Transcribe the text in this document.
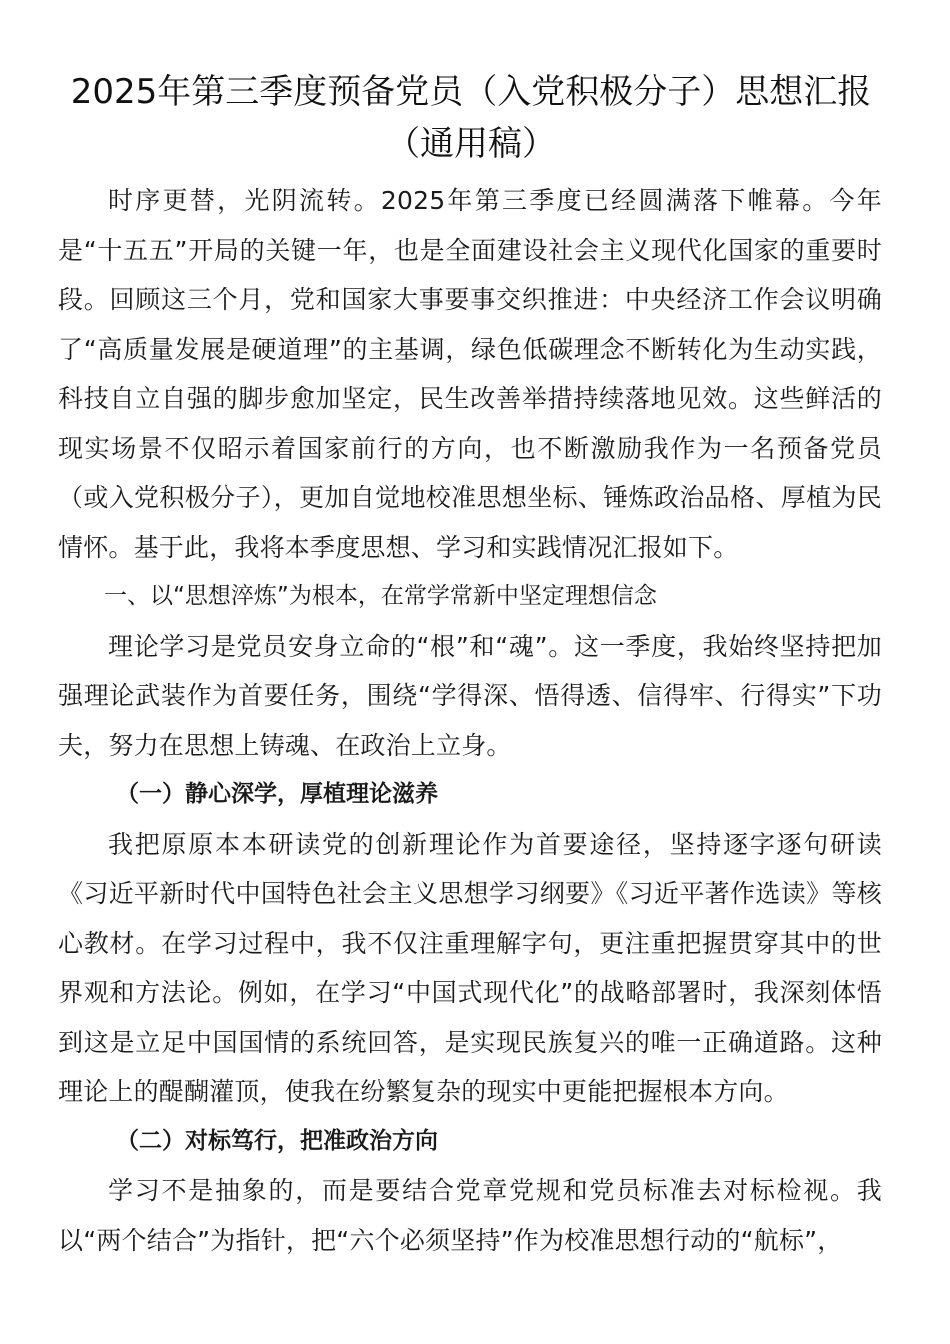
2025年第三季度预备党员（入党积极分子）思想汇报（通用稿）

时序更替，光阴流转。2025年第三季度已经圆满落下帷幕。今年是“十五五”开局的关键一年，也是全面建设社会主义现代化国家的重要时段。回顾这三个月，党和国家大事要事交织推进：中央经济工作会议明确了“高质量发展是硬道理”的主基调，绿色低碳理念不断转化为生动实践，科技自立自强的脚步愈加坚定，民生改善举措持续落地见效。这些鲜活的现实场景不仅昭示着国家前行的方向，也不断激励我作为一名预备党员（或入党积极分子），更加自觉地校准思想坐标、锤炼政治品格、厚植为民情怀。基于此，我将本季度思想、学习和实践情况汇报如下。

一、以“思想淬炼”为根本，在常学常新中坚定理想信念

理论学习是党员安身立命的“根”和“魂”。这一季度，我始终坚持把加强理论武装作为首要任务，围绕“学得深、悟得透、信得牢、行得实”下功夫，努力在思想上铸魂、在政治上立身。

（一）静心深学，厚植理论滋养

我把原原本本研读党的创新理论作为首要途径，坚持逐字逐句研读《习近平新时代中国特色社会主义思想学习纲要》《习近平著作选读》等核心教材。在学习过程中，我不仅注重理解字句，更注重把握贯穿其中的世界观和方法论。例如，在学习“中国式现代化”的战略部署时，我深刻体悟到这是立足中国国情的系统回答，是实现民族复兴的唯一正确道路。这种理论上的醍醐灌顶，使我在纷繁复杂的现实中更能把握根本方向。

（二）对标笃行，把准政治方向

学习不是抽象的，而是要结合党章党规和党员标准去对标检视。我以“两个结合”为指针，把“六个必须坚持”作为校准思想行动的“航标”，
